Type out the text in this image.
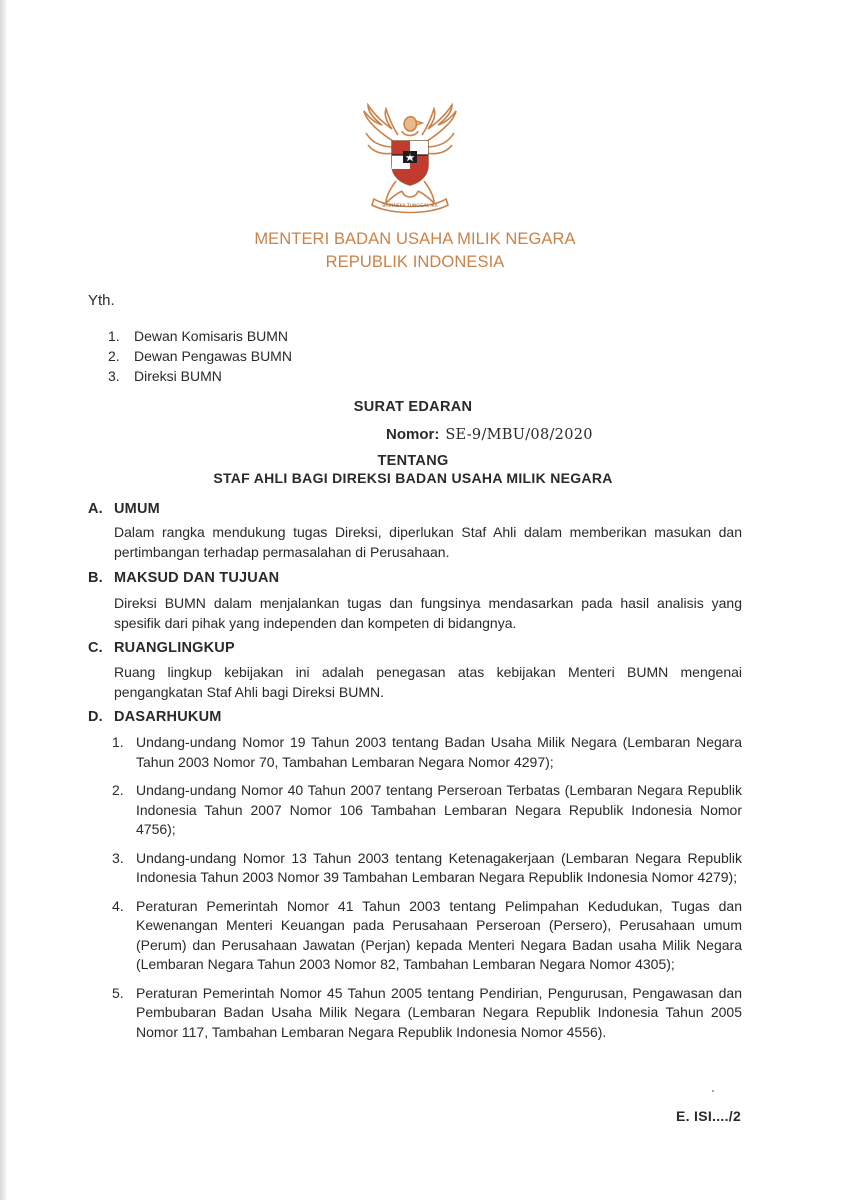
BHINNEKA TUNGGAL IKA
MENTERI BADAN USAHA MILIK NEGARA
REPUBLIK INDONESIA
Yth.
1. Dewan Komisaris BUMN
2. Dewan Pengawas BUMN
3. Direksi BUMN
SURAT EDARAN
Nomor: SE-9/MBU/08/2020
TENTANG
STAF AHLI BAGI DIREKSI BADAN USAHA MILIK NEGARA
A. UMUM
Dalam rangka mendukung tugas Direksi, diperlukan Staf Ahli dalam memberikan masukan dan pertimbangan terhadap permasalahan di Perusahaan.
B. MAKSUD DAN TUJUAN
Direksi BUMN dalam menjalankan tugas dan fungsinya mendasarkan pada hasil analisis yang spesifik dari pihak yang independen dan kompeten di bidangnya.
C. RUANGLINGKUP
Ruang lingkup kebijakan ini adalah penegasan atas kebijakan Menteri BUMN mengenai pengangkatan Staf Ahli bagi Direksi BUMN.
D. DASARHUKUM
1. Undang-undang Nomor 19 Tahun 2003 tentang Badan Usaha Milik Negara (Lembaran Negara Tahun 2003 Nomor 70, Tambahan Lembaran Negara Nomor 4297);
2. Undang-undang Nomor 40 Tahun 2007 tentang Perseroan Terbatas (Lembaran Negara Republik Indonesia Tahun 2007 Nomor 106 Tambahan Lembaran Negara Republik Indonesia Nomor 4756);
3. Undang-undang Nomor 13 Tahun 2003 tentang Ketenagakerjaan (Lembaran Negara Republik Indonesia Tahun 2003 Nomor 39 Tambahan Lembaran Negara Republik Indonesia Nomor 4279);
4. Peraturan Pemerintah Nomor 41 Tahun 2003 tentang Pelimpahan Kedudukan, Tugas dan Kewenangan Menteri Keuangan pada Perusahaan Perseroan (Persero), Perusahaan umum (Perum) dan Perusahaan Jawatan (Perjan) kepada Menteri Negara Badan usaha Milik Negara (Lembaran Negara Tahun 2003 Nomor 82, Tambahan Lembaran Negara Nomor 4305);
5. Peraturan Pemerintah Nomor 45 Tahun 2005 tentang Pendirian, Pengurusan, Pengawasan dan Pembubaran Badan Usaha Milik Negara (Lembaran Negara Republik Indonesia Tahun 2005 Nomor 117, Tambahan Lembaran Negara Republik Indonesia Nomor 4556).
E. ISI..../2
